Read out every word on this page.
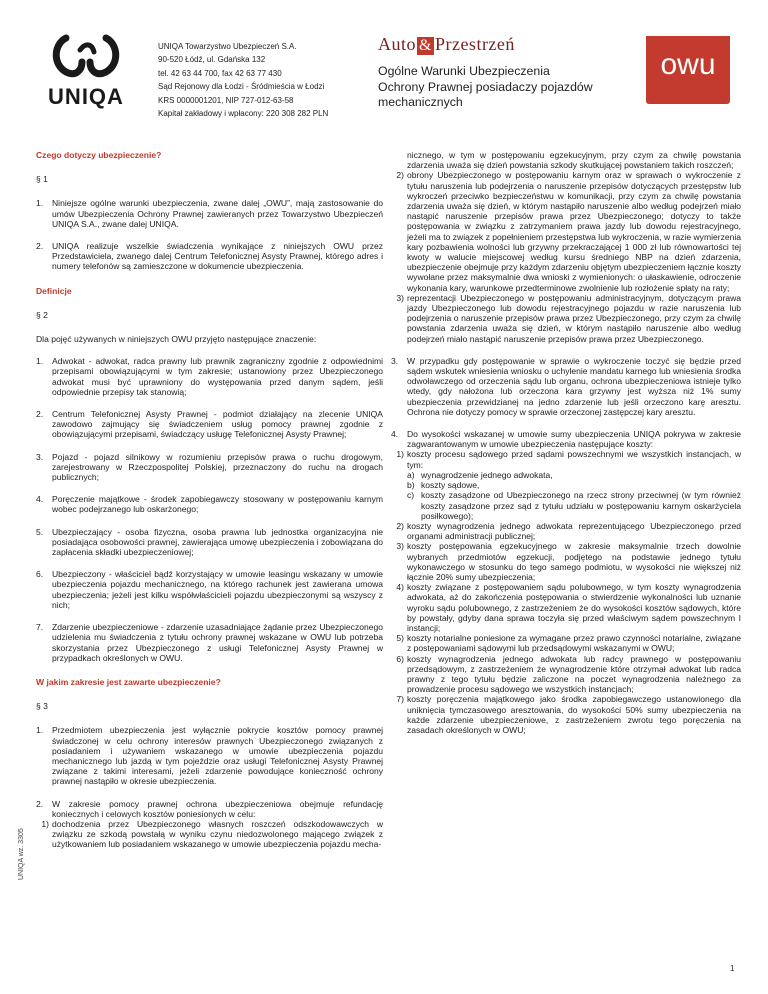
UNIQA
UNIQA Towarzystwo Ubezpieczeń S.A.
90-520 Łódź, ul. Gdańska 132
tel. 42 63 44 700, fax 42 63 77 430
Sąd Rejonowy dla Łodzi - Śródmieścia w Łodzi
KRS 0000001201, NIP 727-012-63-58
Kapitał zakładowy i wpłacony: 220 308 282 PLN
Auto & Przestrzeń
Ogólne Warunki Ubezpieczenia
Ochrony Prawnej posiadaczy pojazdów
mechanicznych
owu

Czego dotyczy ubezpieczenie?

§ 1

1.	Niniejsze ogólne warunki ubezpieczenia, zwane dalej „OWU”, mają zastosowanie do umów Ubezpieczenia Ochrony Prawnej zawieranych przez Towarzystwo Ubezpieczeń UNIQA S.A., zwane dalej UNIQA.
2.	UNIQA realizuje wszelkie świadczenia wynikające z niniejszych OWU przez Przedstawiciela, zwanego dalej Centrum Telefonicznej Asysty Prawnej, którego adres i numery telefonów są zamieszczone w dokumencie ubezpieczenia.

Definicje

§ 2

Dla pojęć używanych w niniejszych OWU przyjęto następujące znaczenie:

1.	Adwokat - adwokat, radca prawny lub prawnik zagraniczny zgodnie z odpowiednimi przepisami obowiązującymi w tym zakresie; ustanowiony przez Ubezpieczonego adwokat musi być uprawniony do występowania przed danym sądem, jeśli odpowiednie przepisy tak stanowią;
2.	Centrum Telefonicznej Asysty Prawnej - podmiot działający na zlecenie UNIQA zawodowo zajmujący się świadczeniem usług pomocy prawnej zgodnie z obowiązującymi przepisami, świadczący usługę Telefonicznej Asysty Prawnej;
3.	Pojazd - pojazd silnikowy w rozumieniu przepisów prawa o ruchu drogowym, zarejestrowany w Rzeczpospolitej Polskiej, przeznaczony do ruchu na drogach publicznych;
4.	Poręczenie majątkowe - środek zapobiegawczy stosowany w postępowaniu karnym wobec podejrzanego lub oskarżonego;
5.	Ubezpieczający - osoba fizyczna, osoba prawna lub jednostka organizacyjna nie posiadająca osobowości prawnej, zawierająca umowę ubezpieczenia i zobowiązana do zapłacenia składki ubezpieczeniowej;
6.	Ubezpieczony - właściciel bądź korzystający w umowie leasingu wskazany w umowie ubezpieczenia pojazdu mechanicznego, na którego rachunek jest zawierana umowa ubezpieczenia; jeżeli jest kilku współwłaścicieli pojazdu ubezpieczonymi są wszyscy z nich;
7.	Zdarzenie ubezpieczeniowe - zdarzenie uzasadniające żądanie przez Ubezpieczonego udzielenia mu świadczenia z tytułu ochrony prawnej wskazane w OWU lub potrzeba skorzystania przez Ubezpieczonego z usługi Telefonicznej Asysty Prawnej w przypadkach określonych w OWU.

W jakim zakresie jest zawarte ubezpieczenie?

§ 3

1.	Przedmiotem ubezpieczenia jest wyłącznie pokrycie kosztów pomocy prawnej świadczonej w celu ochrony interesów prawnych Ubezpieczonego związanych z posiadaniem i używaniem wskazanego w umowie ubezpieczenia pojazdu mechanicznego lub jazdą w tym pojeździe oraz usługi Telefonicznej Asysty Prawnej związane z takimi interesami, jeżeli zdarzenie powodujące konieczność ochrony prawnej nastąpiło w okresie ubezpieczenia.
2.	W zakresie pomocy prawnej ochrona ubezpieczeniowa obejmuje refundację koniecznych i celowych kosztów poniesionych w celu:
1) dochodzenia przez Ubezpieczonego własnych roszczeń odszkodowawczych w związku ze szkodą powstałą w wyniku czynu niedozwolonego mającego związek z użytkowaniem lub posiadaniem wskazanego w umowie ubezpieczenia pojazdu mecha-
UNIQA wz. 3305
nicznego, w tym w postępowaniu egzekucyjnym, przy czym za chwilę powstania zdarzenia uważa się dzień powstania szkody skutkującej powstaniem takich roszczeń;
2) obrony Ubezpieczonego w postępowaniu karnym oraz w sprawach o wykroczenie z tytułu naruszenia lub podejrzenia o naruszenie przepisów dotyczących przestępstw lub wykroczeń przeciwko bezpieczeństwu w komunikacji, przy czym za chwilę powstania zdarzenia uważa się dzień, w którym nastąpiło naruszenie albo według podejrzeń miało nastąpić naruszenie przepisów prawa przez Ubezpieczonego; dotyczy to także postępowania w związku z zatrzymaniem prawa jazdy lub dowodu rejestracyjnego, jeżeli ma to związek z popełnieniem przestępstwa lub wykroczenia, w razie wymierzenia kary pozbawienia wolności lub grzywny przekraczającej 1 000 zł lub równowartości tej kwoty w walucie miejscowej według kursu średniego NBP na dzień zdarzenia, ubezpieczenie obejmuje przy każdym zdarzeniu objętym ubezpieczeniem łącznie koszty wywołane przez maksymalnie dwa wnioski z wymienionych: o ułaskawienie, odroczenie wykonania kary, warunkowe przedterminowe zwolnienie lub rozłożenie spłaty na raty;
3) reprezentacji Ubezpieczonego w postępowaniu administracyjnym, dotyczącym prawa jazdy Ubezpieczonego lub dowodu rejestracyjnego pojazdu w razie naruszenia lub podejrzenia o naruszenie przepisów prawa przez Ubezpieczonego, przy czym za chwilę powstania zdarzenia uważa się dzień, w którym nastąpiło naruszenie albo według podejrzeń miało nastąpić naruszenie przepisów prawa przez Ubezpieczonego.
3.	W przypadku gdy postępowanie w sprawie o wykroczenie toczyć się będzie przed sądem wskutek wniesienia wniosku o uchylenie mandatu karnego lub wniesienia środka odwoławczego od orzeczenia sądu lub organu, ochrona ubezpieczeniowa istnieje tylko wtedy, gdy nałożona lub orzeczona kara grzywny jest wyższa niż 1% sumy ubezpieczenia przewidzianej na jedno zdarzenie lub jeśli orzeczono karę aresztu. Ochrona nie dotyczy pomocy w sprawie orzeczonej zastępczej kary aresztu.
4.	Do wysokości wskazanej w umowie sumy ubezpieczenia UNIQA pokrywa w zakresie zagwarantowanym w umowie ubezpieczenia następujące koszty:
1) koszty procesu sądowego przed sądami powszechnymi we wszystkich instancjach, w tym:
a) wynagrodzenie jednego adwokata,
b) koszty sądowe,
c) koszty zasądzone od Ubezpieczonego na rzecz strony przeciwnej (w tym również koszty zasądzone przez sąd z tytułu udziału w postępowaniu karnym oskarżyciela posiłkowego);
2) koszty wynagrodzenia jednego adwokata reprezentującego Ubezpieczonego przed organami administracji publicznej;
3) koszty postępowania egzekucyjnego w zakresie maksymalnie trzech dowolnie wybranych przedmiotów egzekucji, podjętego na podstawie jednego tytułu wykonawczego w stosunku do tego samego podmiotu, w wysokości nie większej niż łącznie 20% sumy ubezpieczenia;
4) koszty związane z postępowaniem sądu polubownego, w tym koszty wynagrodzenia adwokata, aż do zakończenia postępowania o stwierdzenie wykonalności lub uznanie wyroku sądu polubownego, z zastrzeżeniem że do wysokości kosztów sądowych, które by powstały, gdyby dana sprawa toczyła się przed właściwym sądem powszechnym I instancji;
5) koszty notarialne poniesione za wymagane przez prawo czynności notarialne, związane z postępowaniami sądowymi lub przedsądowymi wskazanymi w OWU;
6) koszty wynagrodzenia jednego adwokata lub radcy prawnego w postępowaniu przedsądowym, z zastrzeżeniem że wynagrodzenie które otrzymał adwokat lub radca prawny z tego tytułu będzie zaliczone na poczet wynagrodzenia należnego za prowadzenie procesu sądowego we wszystkich instancjach;
7) koszty poręczenia majątkowego jako środka zapobiegawczego ustanowionego dla uniknięcia tymczasowego aresztowania, do wysokości 50% sumy ubezpieczenia na każde zdarzenie ubezpieczeniowe, z zastrzeżeniem zwrotu tego poręczenia na zasadach określonych w OWU;
1
